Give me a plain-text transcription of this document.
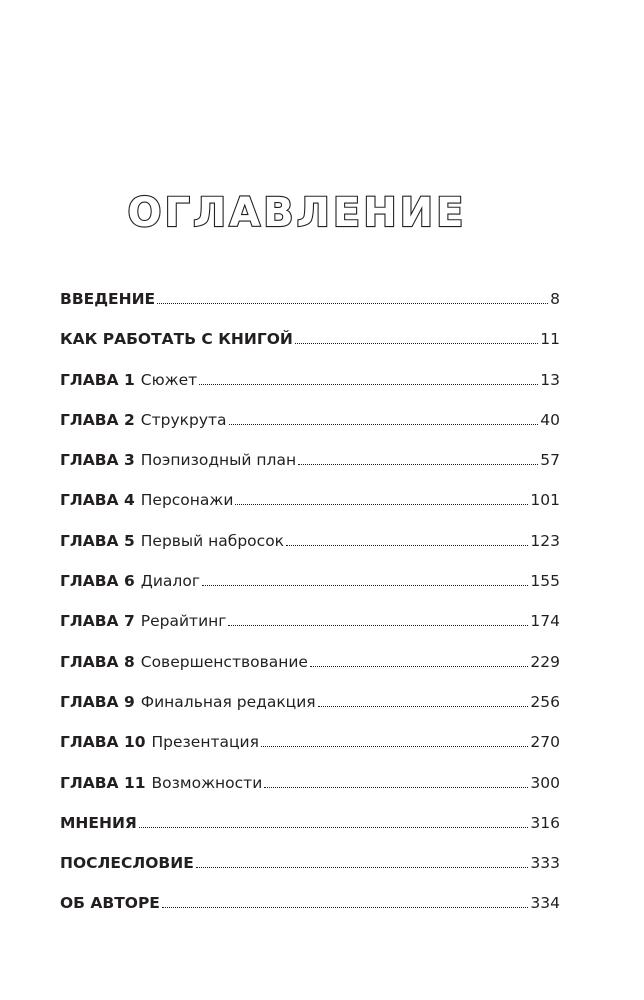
ОГЛАВЛЕНИЕ
ВВЕДЕНИЕ	8
КАК РАБОТАТЬ С КНИГОЙ	11
ГЛАВА 1 Сюжет	13
ГЛАВА 2 Струкрута	40
ГЛАВА 3 Поэпизодный план	57
ГЛАВА 4 Персонажи	101
ГЛАВА 5 Первый набросок	123
ГЛАВА 6 Диалог	155
ГЛАВА 7 Рерайтинг	174
ГЛАВА 8 Совершенствование	229
ГЛАВА 9 Финальная редакция	256
ГЛАВА 10 Презентация	270
ГЛАВА 11 Возможности	300
МНЕНИЯ	316
ПОСЛЕСЛОВИЕ	333
ОБ АВТОРЕ	334
